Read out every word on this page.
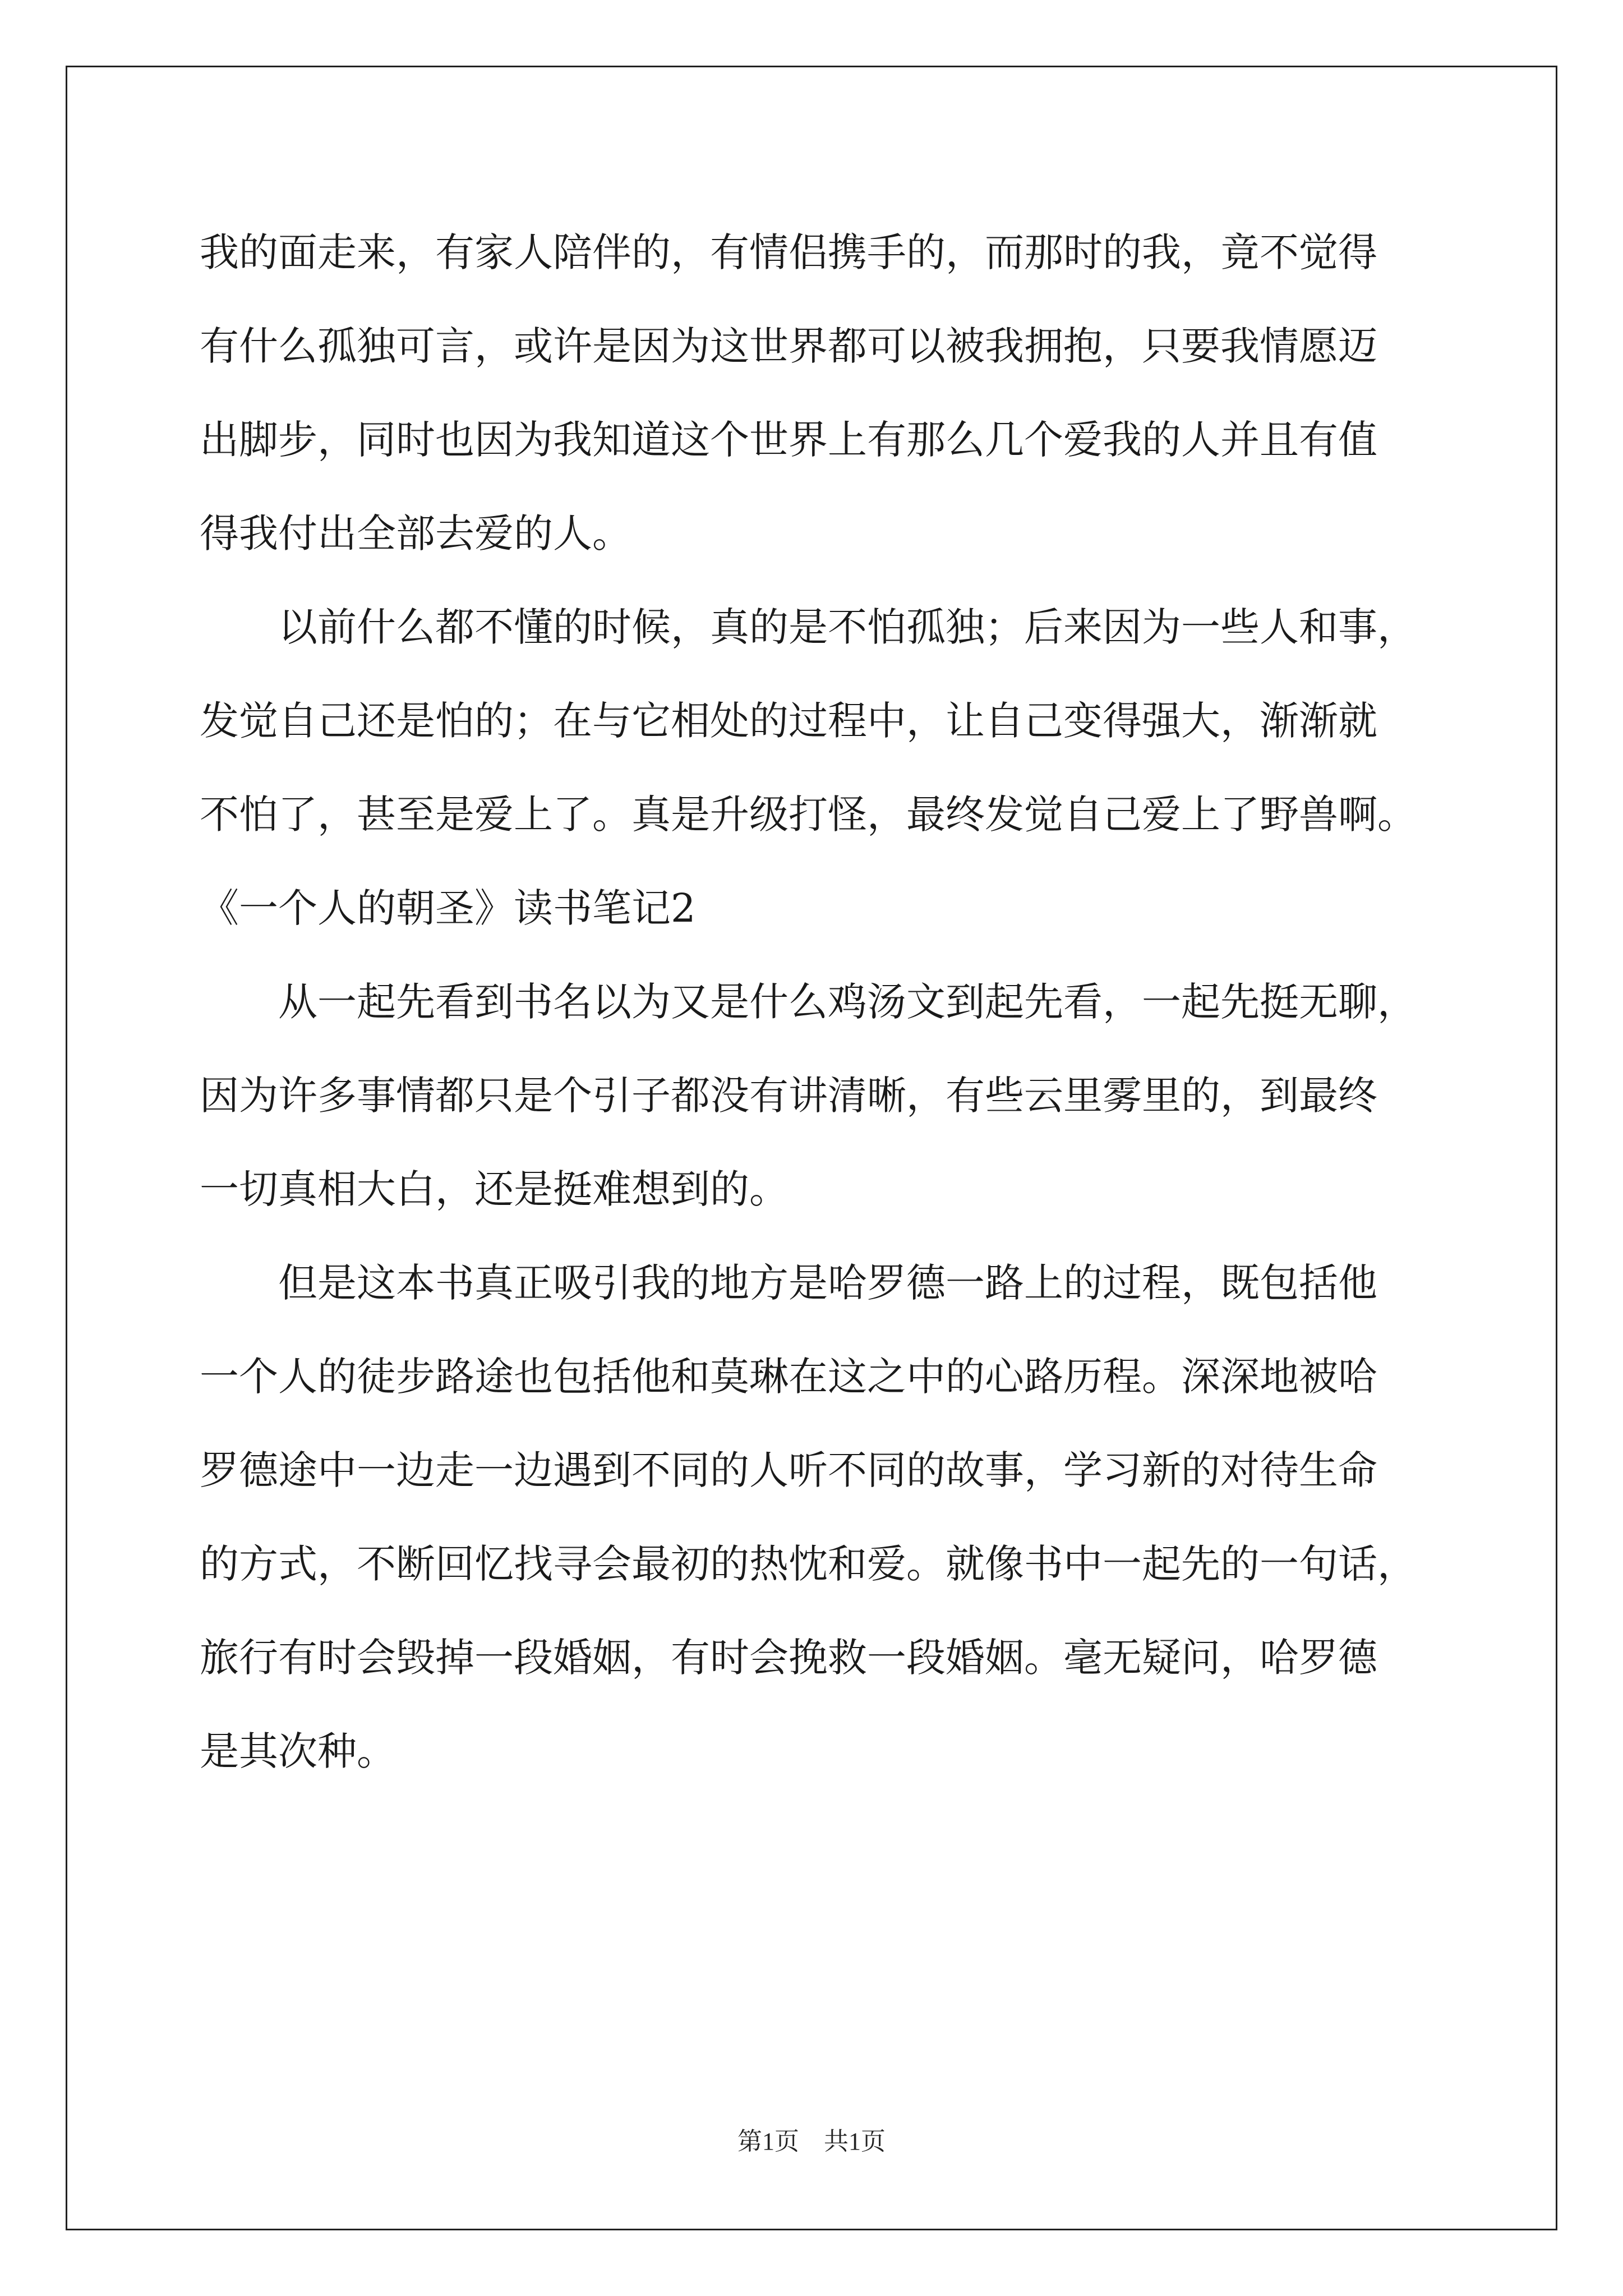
我的面走来，有家人陪伴的，有情侣携手的，而那时的我，竟不觉得
有什么孤独可言，或许是因为这世界都可以被我拥抱，只要我情愿迈
出脚步，同时也因为我知道这个世界上有那么几个爱我的人并且有值
得我付出全部去爱的人。
以前什么都不懂的时候，真的是不怕孤独；后来因为一些人和事，
发觉自己还是怕的；在与它相处的过程中，让自己变得强大，渐渐就
不怕了，甚至是爱上了。真是升级打怪，最终发觉自己爱上了野兽啊。
《一个人的朝圣》读书笔记2
从一起先看到书名以为又是什么鸡汤文到起先看，一起先挺无聊，
因为许多事情都只是个引子都没有讲清晰，有些云里雾里的，到最终
一切真相大白，还是挺难想到的。
但是这本书真正吸引我的地方是哈罗德一路上的过程，既包括他
一个人的徒步路途也包括他和莫琳在这之中的心路历程。深深地被哈
罗德途中一边走一边遇到不同的人听不同的故事，学习新的对待生命
的方式，不断回忆找寻会最初的热忱和爱。就像书中一起先的一句话，
旅行有时会毁掉一段婚姻，有时会挽救一段婚姻。毫无疑问，哈罗德
是其次种。
第1页　共1页
